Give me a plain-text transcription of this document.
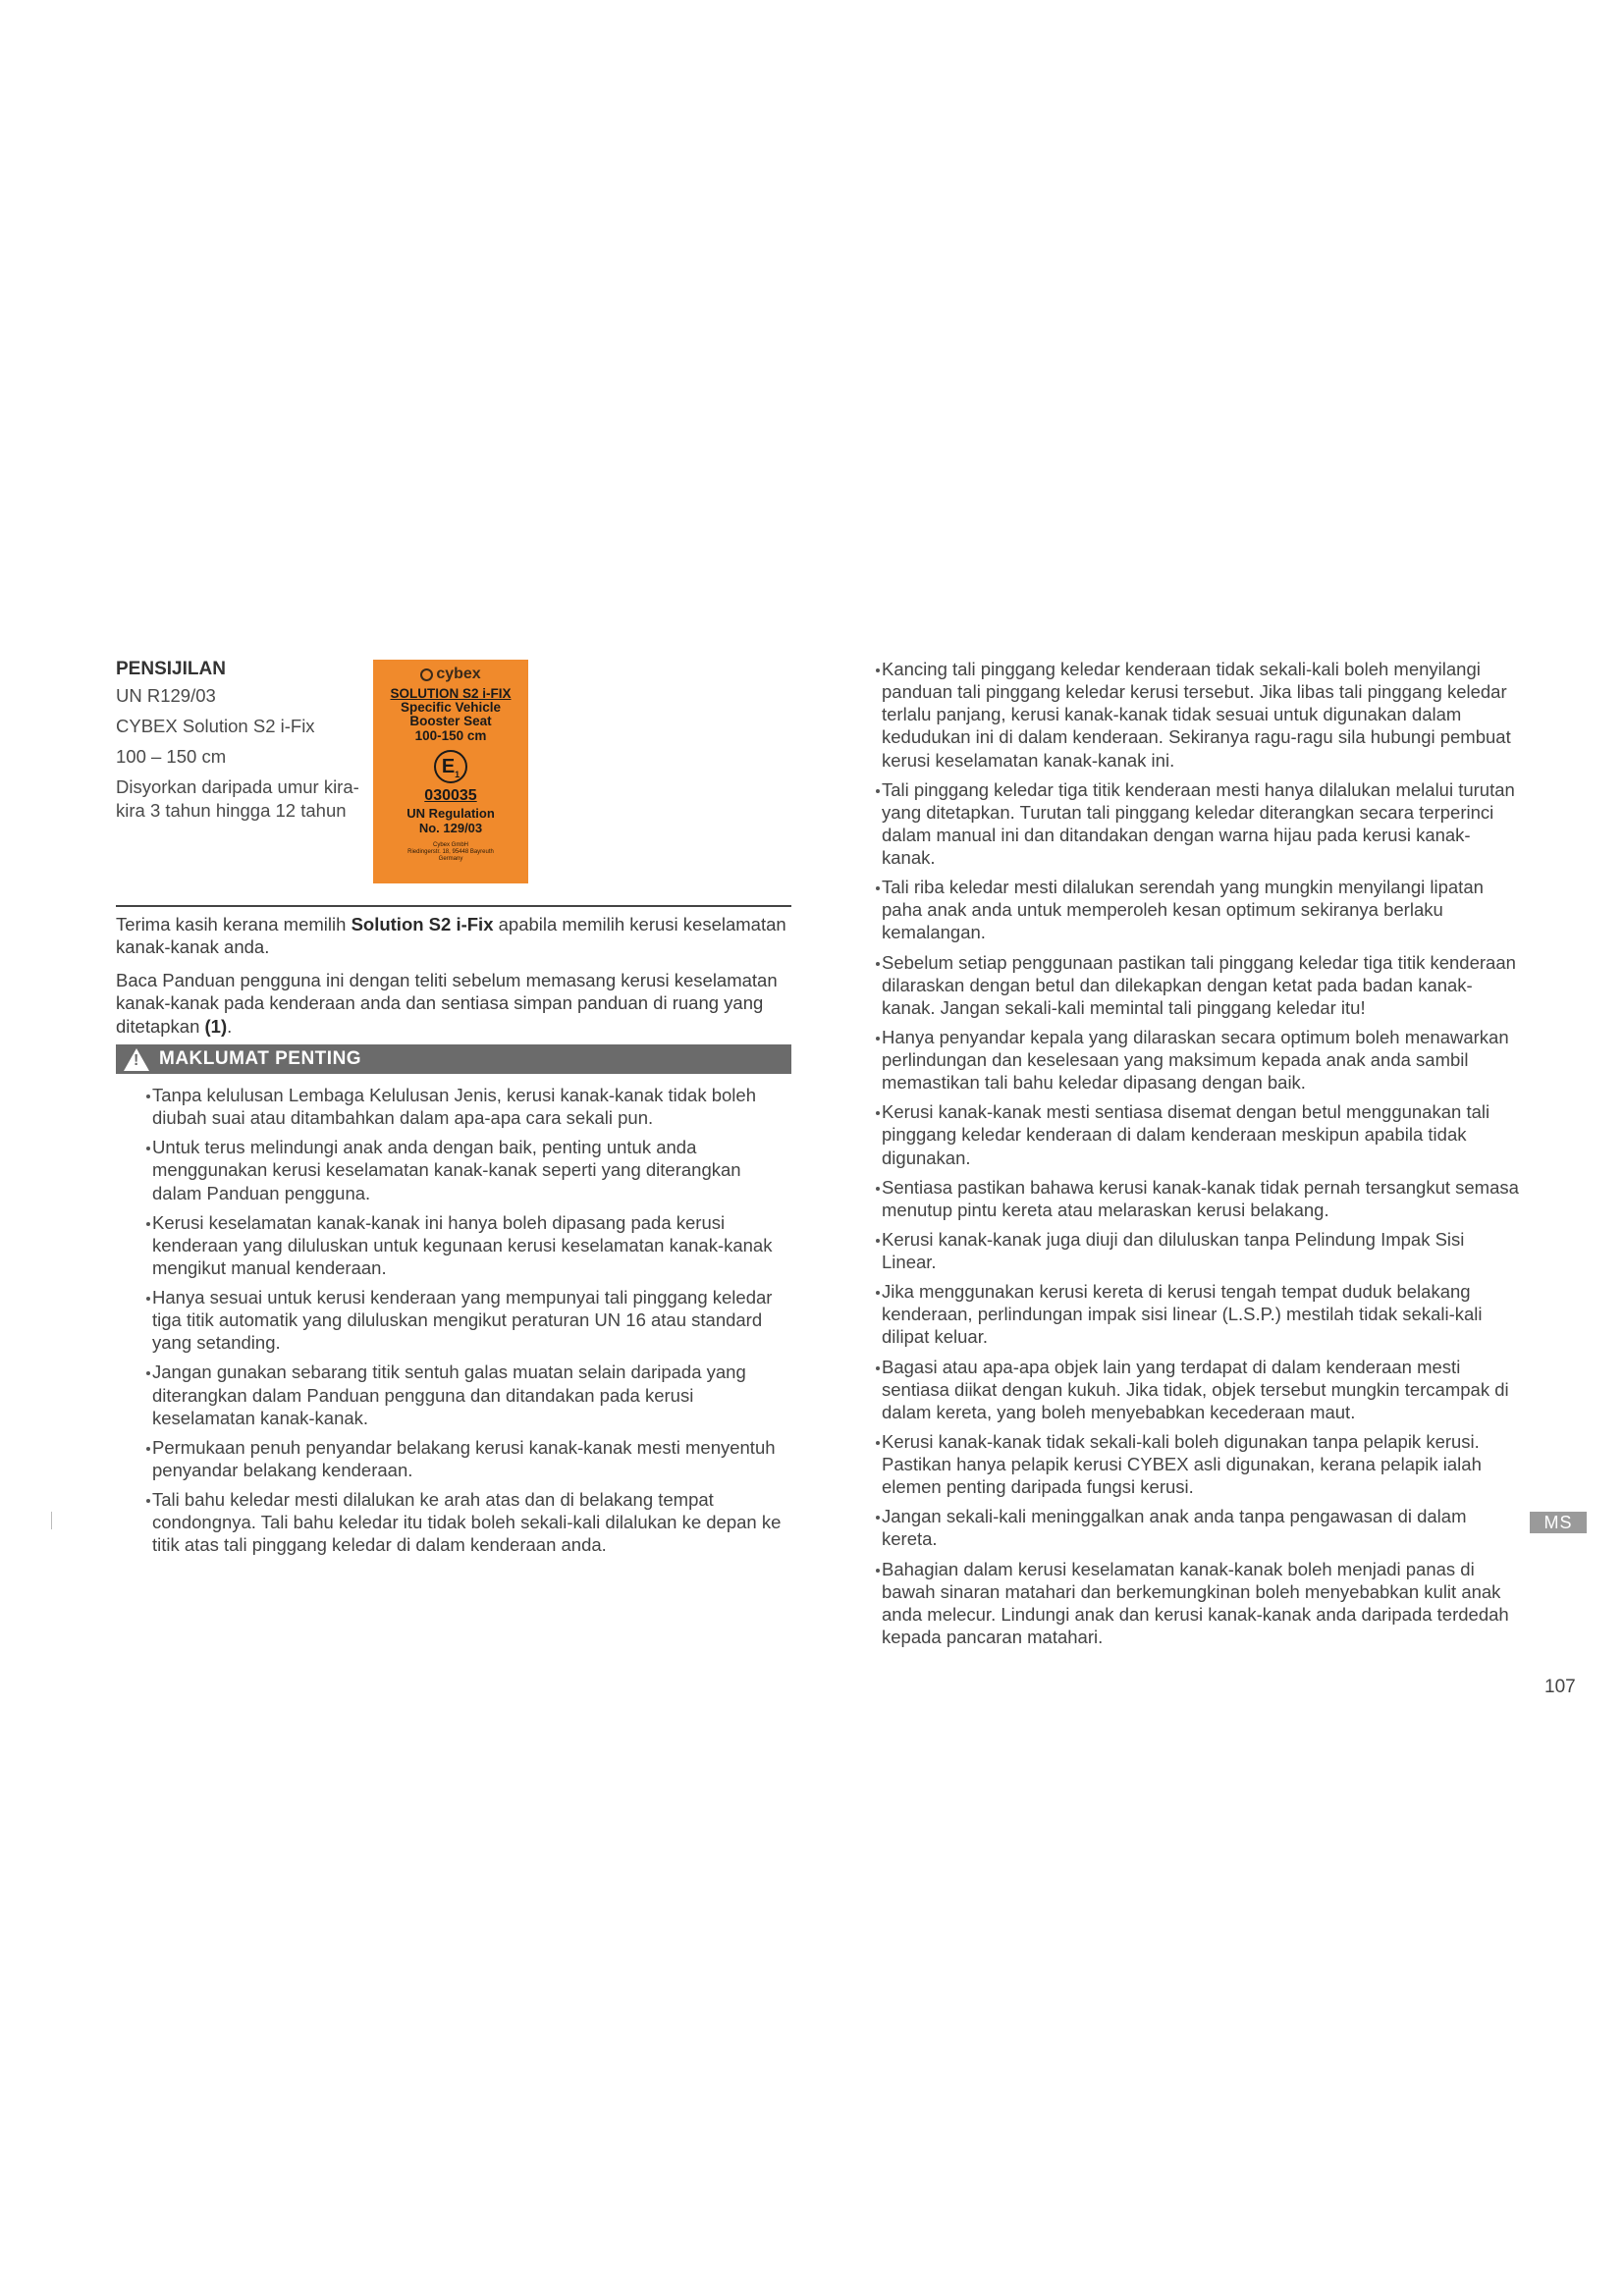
PENSIJILAN

UN R129/03

CYBEX Solution S2 i-Fix

100 – 150 cm

Disyorkan daripada umur kira-kira 3 tahun hingga 12 tahun

cybex
SOLUTION S2 i-FIX
Specific Vehicle
Booster Seat
100-150 cm
$E_1$
030035
UN Regulation
No. 129/03
Cybex GmbH
Riedingerstr. 18, 95448 Bayreuth
Germany

Terima kasih kerana memilih Solution S2 i-Fix apabila memilih kerusi keselamatan kanak-kanak anda.

Baca Panduan pengguna ini dengan teliti sebelum memasang kerusi keselamatan kanak-kanak pada kenderaan anda dan sentiasa simpan panduan di ruang yang ditetapkan (1).

! MAKLUMAT PENTING
Tanpa kelulusan Lembaga Kelulusan Jenis, kerusi kanak-kanak tidak boleh diubah suai atau ditambahkan dalam apa-apa cara sekali pun.
Untuk terus melindungi anak anda dengan baik, penting untuk anda menggunakan kerusi keselamatan kanak-kanak seperti yang diterangkan dalam Panduan pengguna.
Kerusi keselamatan kanak-kanak ini hanya boleh dipasang pada kerusi kenderaan yang diluluskan untuk kegunaan kerusi keselamatan kanak-kanak mengikut manual kenderaan.
Hanya sesuai untuk kerusi kenderaan yang mempunyai tali pinggang keledar tiga titik automatik yang diluluskan mengikut peraturan UN 16 atau standard yang setanding.
Jangan gunakan sebarang titik sentuh galas muatan selain daripada yang diterangkan dalam Panduan pengguna dan ditandakan pada kerusi keselamatan kanak-kanak.
Permukaan penuh penyandar belakang kerusi kanak-kanak mesti menyentuh penyandar belakang kenderaan.
Tali bahu keledar mesti dilalukan ke arah atas dan di belakang tempat condongnya. Tali bahu keledar itu tidak boleh sekali-kali dilalukan ke depan ke titik atas tali pinggang keledar di dalam kenderaan anda.
Kancing tali pinggang keledar kenderaan tidak sekali-kali boleh menyilangi panduan tali pinggang keledar kerusi tersebut. Jika libas tali pinggang keledar terlalu panjang, kerusi kanak-kanak tidak sesuai untuk digunakan dalam kedudukan ini di dalam kenderaan. Sekiranya ragu-ragu sila hubungi pembuat kerusi keselamatan kanak-kanak ini.
Tali pinggang keledar tiga titik kenderaan mesti hanya dilalukan melalui turutan yang ditetapkan. Turutan tali pinggang keledar diterangkan secara terperinci dalam manual ini dan ditandakan dengan warna hijau pada kerusi kanak-kanak.
Tali riba keledar mesti dilalukan serendah yang mungkin menyilangi lipatan paha anak anda untuk memperoleh kesan optimum sekiranya berlaku kemalangan.
Sebelum setiap penggunaan pastikan tali pinggang keledar tiga titik kenderaan dilaraskan dengan betul dan dilekapkan dengan ketat pada badan kanak-kanak. Jangan sekali-kali memintal tali pinggang keledar itu!
Hanya penyandar kepala yang dilaraskan secara optimum boleh menawarkan perlindungan dan keselesaan yang maksimum kepada anak anda sambil memastikan tali bahu keledar dipasang dengan baik.
Kerusi kanak-kanak mesti sentiasa disemat dengan betul menggunakan tali pinggang keledar kenderaan di dalam kenderaan meskipun apabila tidak digunakan.
Sentiasa pastikan bahawa kerusi kanak-kanak tidak pernah tersangkut semasa menutup pintu kereta atau melaraskan kerusi belakang.
Kerusi kanak-kanak juga diuji dan diluluskan tanpa Pelindung Impak Sisi Linear.
Jika menggunakan kerusi kereta di kerusi tengah tempat duduk belakang kenderaan, perlindungan impak sisi linear (L.S.P.) mestilah tidak sekali-kali dilipat keluar.
Bagasi atau apa-apa objek lain yang terdapat di dalam kenderaan mesti sentiasa diikat dengan kukuh. Jika tidak, objek tersebut mungkin tercampak di dalam kereta, yang boleh menyebabkan kecederaan maut.
Kerusi kanak-kanak tidak sekali-kali boleh digunakan tanpa pelapik kerusi. Pastikan hanya pelapik kerusi CYBEX asli digunakan, kerana pelapik ialah elemen penting daripada fungsi kerusi.
Jangan sekali-kali meninggalkan anak anda tanpa pengawasan di dalam kereta.
Bahagian dalam kerusi keselamatan kanak-kanak boleh menjadi panas di bawah sinaran matahari dan berkemungkinan boleh menyebabkan kulit anak anda melecur. Lindungi anak dan kerusi kanak-kanak anda daripada terdedah kepada pancaran matahari.
MS
107
